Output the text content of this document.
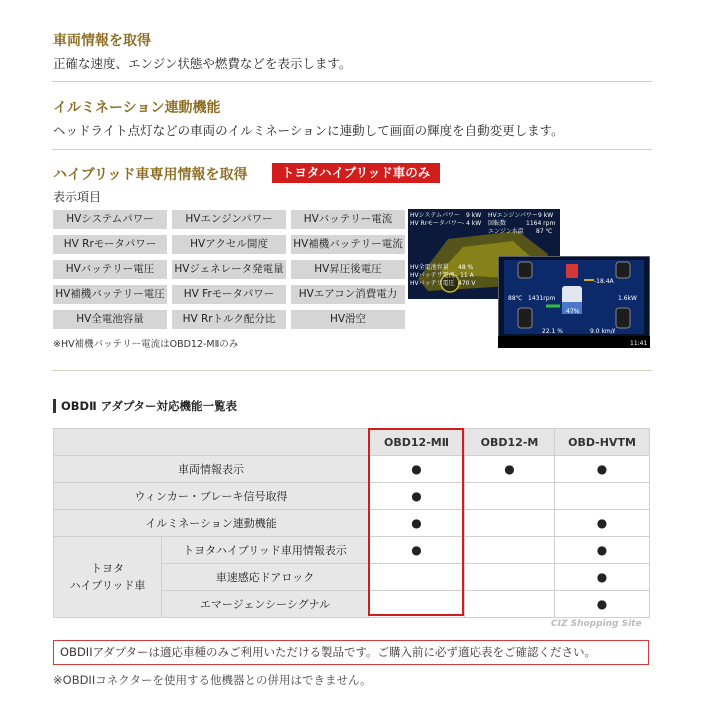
車両情報を取得
正確な速度、エンジン状態や燃費などを表示します。
イルミネーション連動機能
ヘッドライト点灯などの車両のイルミネーションに連動して画面の輝度を自動変更します。
ハイブリッド車専用情報を取得	トヨタハイブリッド車のみ
表示項目
HVシステムパワー	HVエンジンパワー	HVバッテリー電流
HV Rrモータパワー	HVアクセル開度	HV補機バッテリー電流
HVバッテリー電圧	HVジェネレータ発電量	HV昇圧後電圧
HV補機バッテリー電圧	HV Frモータパワー	HVエアコン消費電力
HV全電池容量	HV Rrトルク配分比	HV滑空
※HV補機バッテリー電流はOBD12-MⅡのみ
HVシステムパワー 9 kW HVエンジンパワー 9 kW
HV Rrモータパワー - 4 kW 回転数	1164 rpm
エンジン水温 87 ℃
HV全電池容量 48 %
HVバッテリ電流 - 11 A
HVバッテリ電圧 470 V	-18.4A
88℃ 1431rpm	1.6kW
47%
22.1 %	9.0 km/ℓ
11:41
OBDⅡ アダプター対応機能一覧表
		OBD12-MⅡ	OBD12-M	OBD-HVTM
車両情報表示		●	●	●
ウィンカー・ブレーキ信号取得		●		
イルミネーション連動機能		●		●
トヨタ
ハイブリッド車	トヨタハイブリッド車用情報表示	●		●
	車速感応ドアロック			●
	エマージェンシーシグナル			●
CIZ Shopping Site
OBDIIアダプターは適応車種のみご利用いただける製品です。ご購入前に必ず適応表をご確認ください。
※OBDIIコネクターを使用する他機器との併用はできません。
